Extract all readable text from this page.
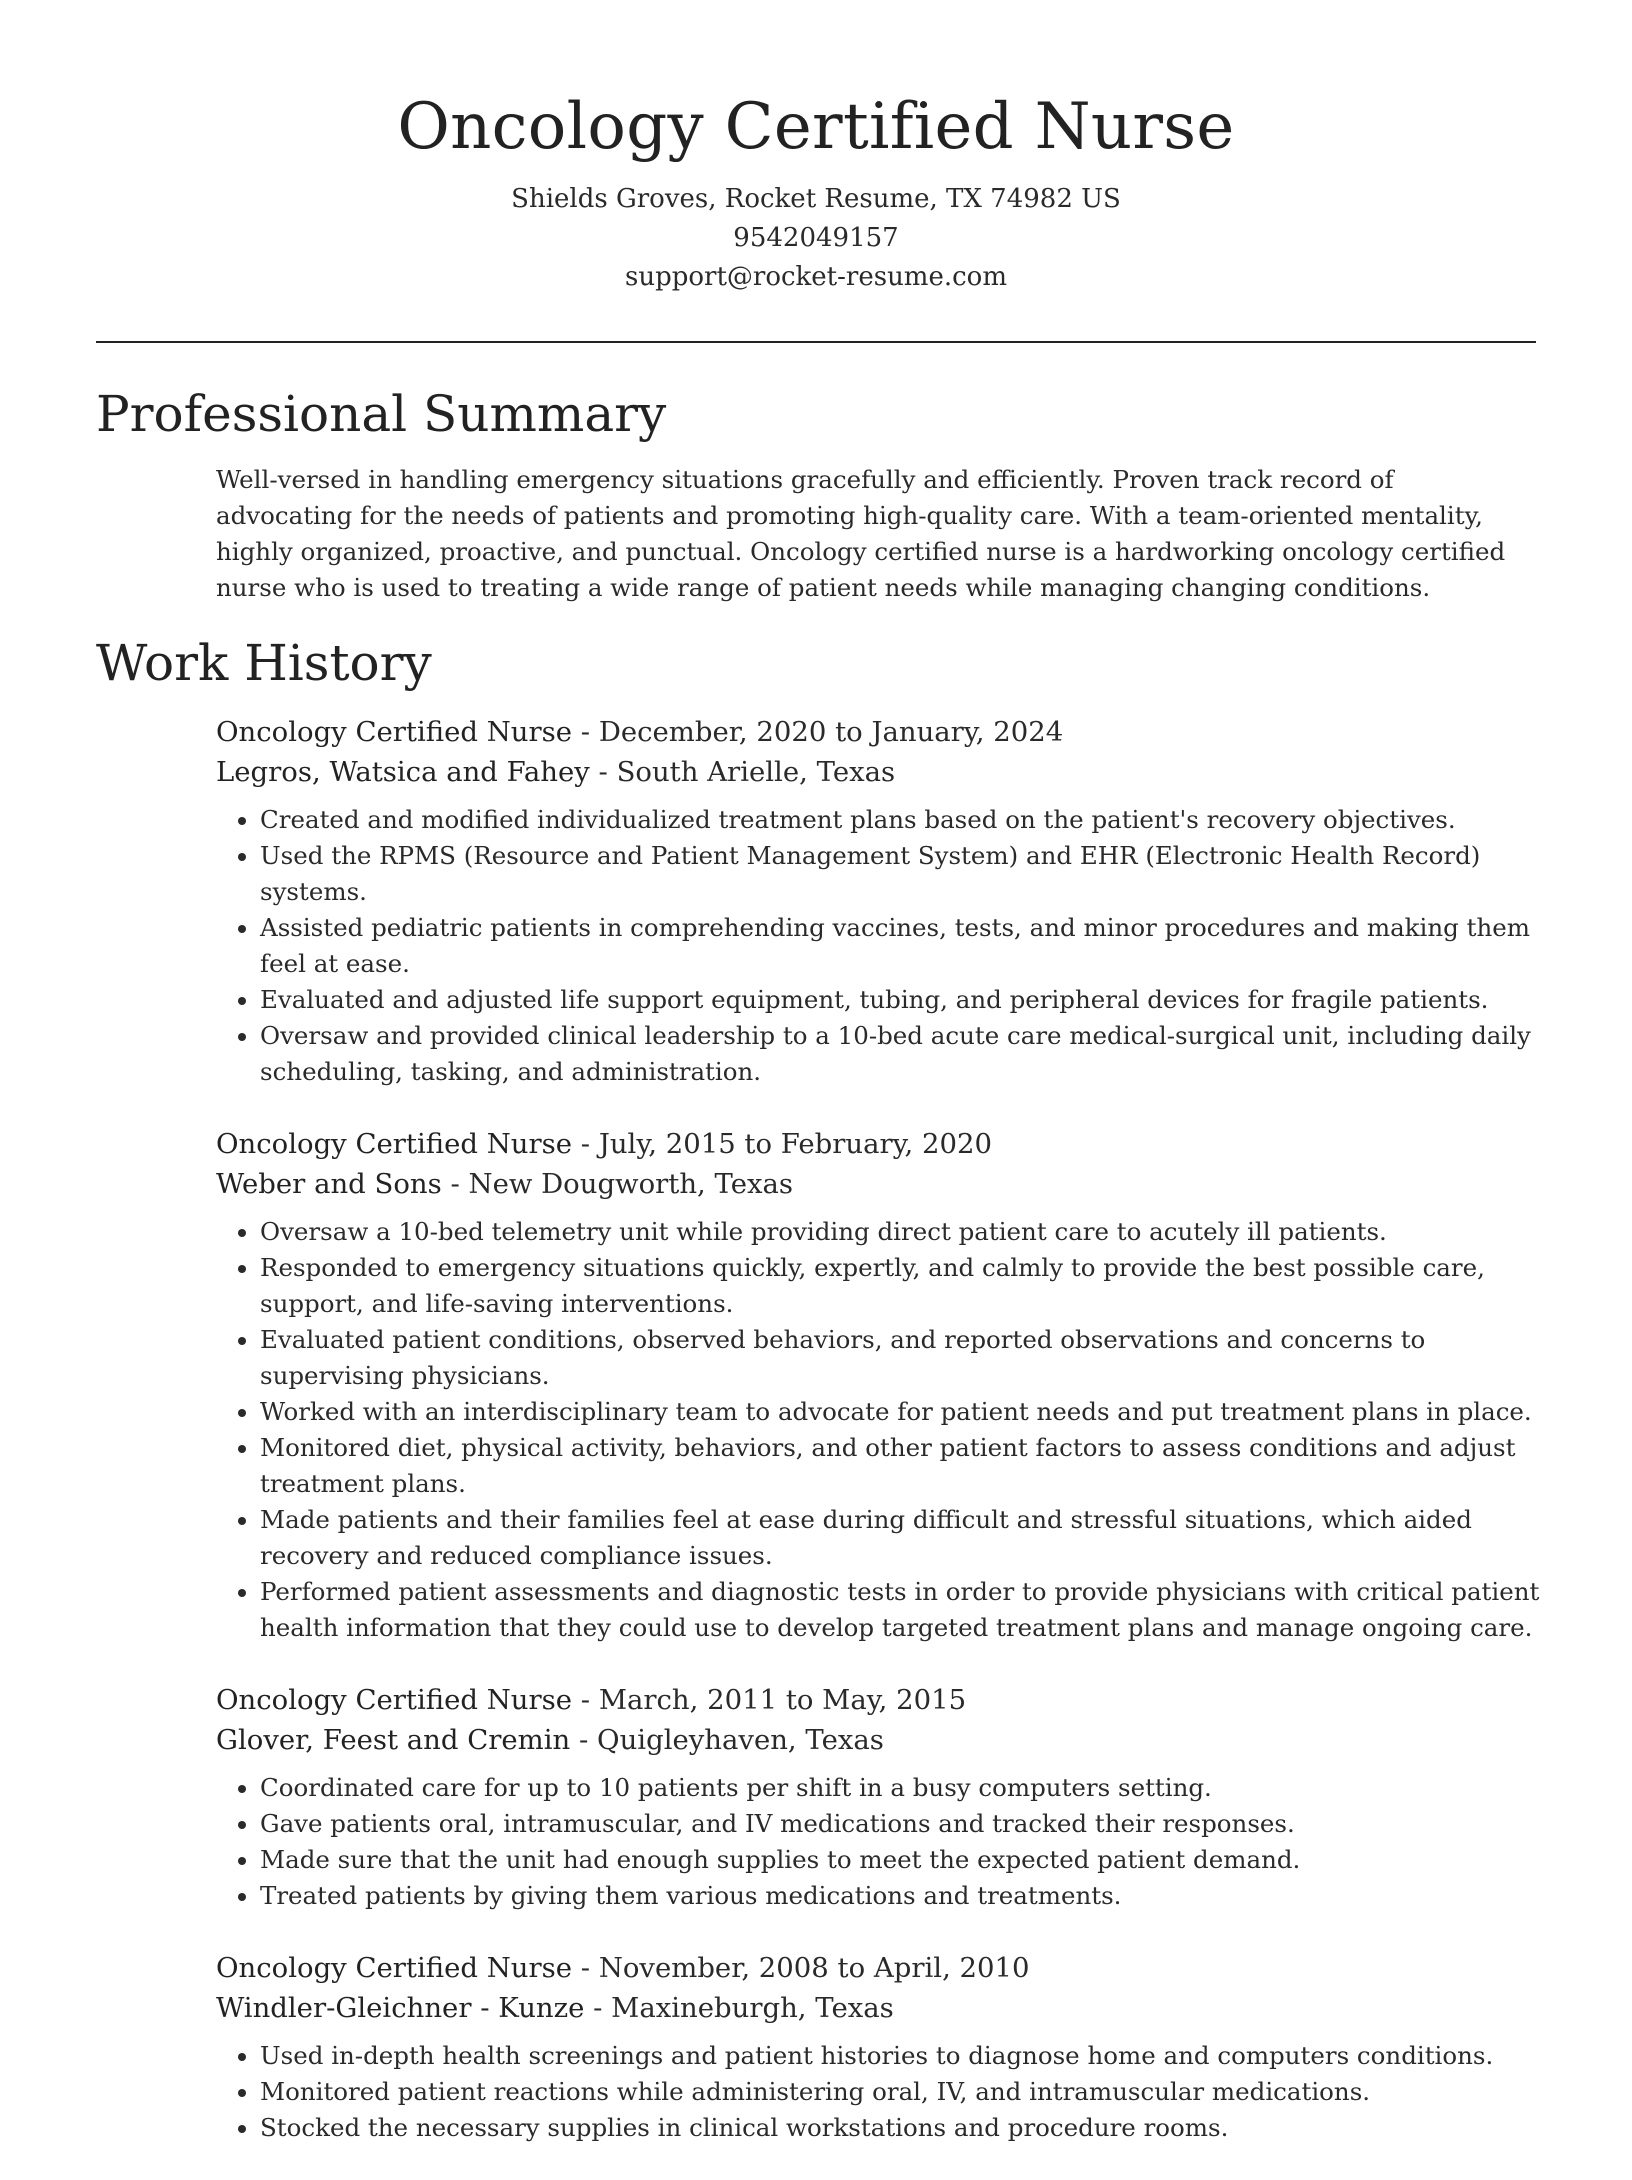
Oncology Certified Nurse
Shields Groves, Rocket Resume, TX 74982 US
9542049157
support@rocket-resume.com
Professional Summary

Well-versed in handling emergency situations gracefully and efficiently. Proven track record of advocating for the needs of patients and promoting high-quality care. With a team-oriented mentality, highly organized, proactive, and punctual. Oncology certified nurse is a hardworking oncology certified nurse who is used to treating a wide range of patient needs while managing changing conditions.

Work History
Oncology Certified Nurse - December, 2020 to January, 2024
Legros, Watsica and Fahey - South Arielle, Texas
• Created and modified individualized treatment plans based on the patient's recovery objectives.
• Used the RPMS (Resource and Patient Management System) and EHR (Electronic Health Record) systems.
• Assisted pediatric patients in comprehending vaccines, tests, and minor procedures and making them feel at ease.
• Evaluated and adjusted life support equipment, tubing, and peripheral devices for fragile patients.
• Oversaw and provided clinical leadership to a 10-bed acute care medical-surgical unit, including daily scheduling, tasking, and administration.
Oncology Certified Nurse - July, 2015 to February, 2020
Weber and Sons - New Dougworth, Texas
• Oversaw a 10-bed telemetry unit while providing direct patient care to acutely ill patients.
• Responded to emergency situations quickly, expertly, and calmly to provide the best possible care, support, and life-saving interventions.
• Evaluated patient conditions, observed behaviors, and reported observations and concerns to supervising physicians.
• Worked with an interdisciplinary team to advocate for patient needs and put treatment plans in place.
• Monitored diet, physical activity, behaviors, and other patient factors to assess conditions and adjust treatment plans.
• Made patients and their families feel at ease during difficult and stressful situations, which aided recovery and reduced compliance issues.
• Performed patient assessments and diagnostic tests in order to provide physicians with critical patient health information that they could use to develop targeted treatment plans and manage ongoing care.
Oncology Certified Nurse - March, 2011 to May, 2015
Glover, Feest and Cremin - Quigleyhaven, Texas
• Coordinated care for up to 10 patients per shift in a busy computers setting.
• Gave patients oral, intramuscular, and IV medications and tracked their responses.
• Made sure that the unit had enough supplies to meet the expected patient demand.
• Treated patients by giving them various medications and treatments.
Oncology Certified Nurse - November, 2008 to April, 2010
Windler-Gleichner - Kunze - Maxineburgh, Texas
• Used in-depth health screenings and patient histories to diagnose home and computers conditions.
• Monitored patient reactions while administering oral, IV, and intramuscular medications.
• Stocked the necessary supplies in clinical workstations and procedure rooms.
